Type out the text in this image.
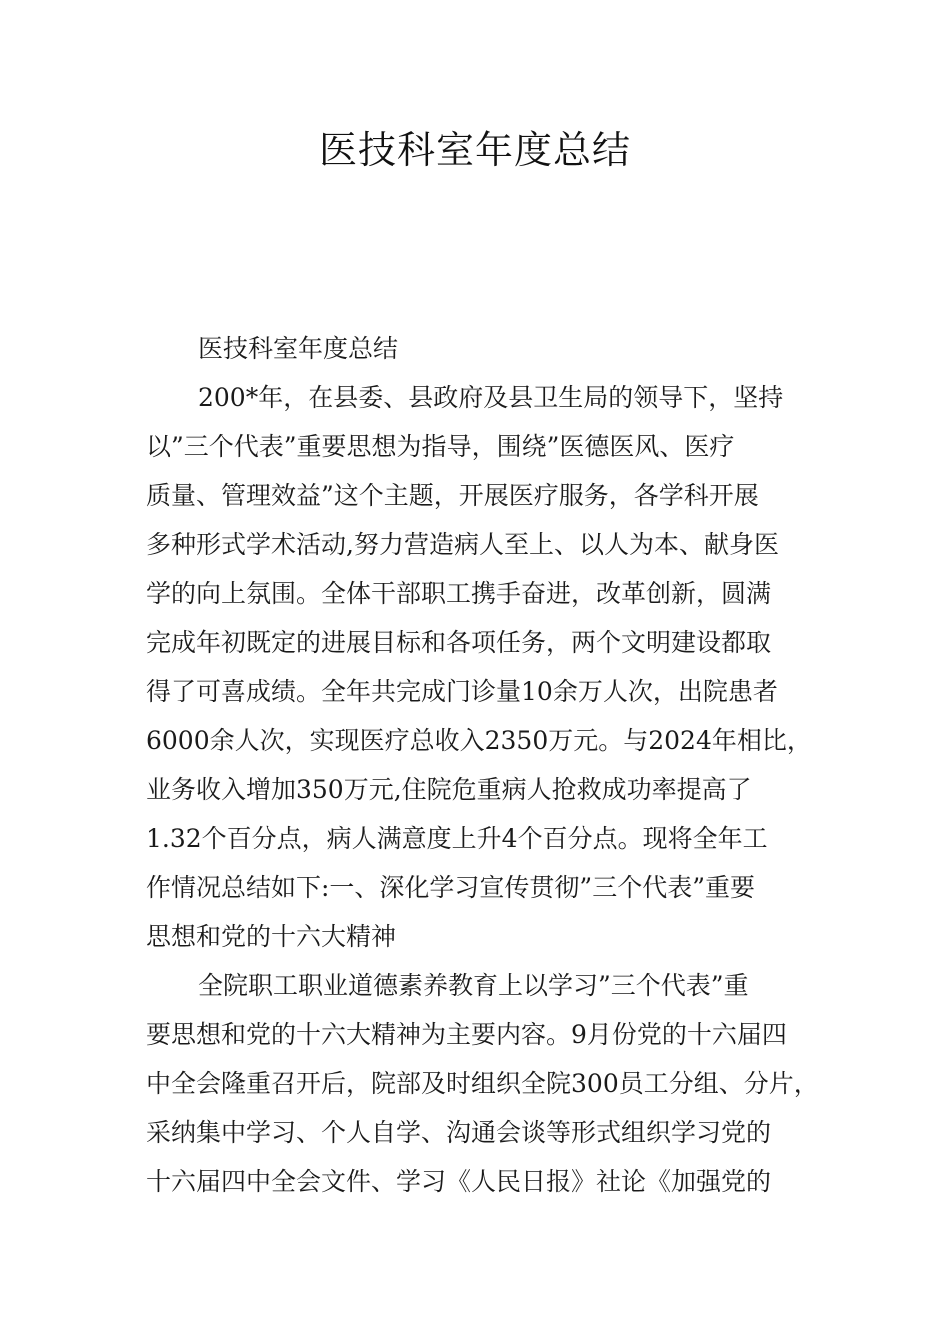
医技科室年度总结
医技科室年度总结
200*年，在县委、县政府及县卫生局的领导下，坚持
以”三个代表”重要思想为指导，围绕”医德医风、医疗
质量、管理效益”这个主题，开展医疗服务，各学科开展
多种形式学术活动,努力营造病人至上、以人为本、献身医
学的向上氛围。全体干部职工携手奋进，改革创新，圆满
完成年初既定的进展目标和各项任务，两个文明建设都取
得了可喜成绩。全年共完成门诊量10余万人次，出院患者
6000余人次，实现医疗总收入2350万元。与2024年相比，
业务收入增加350万元,住院危重病人抢救成功率提高了
1.32个百分点，病人满意度上升4个百分点。现将全年工
作情况总结如下:一、深化学习宣传贯彻”三个代表”重要
思想和党的十六大精神
全院职工职业道德素养教育上以学习”三个代表”重
要思想和党的十六大精神为主要内容。9月份党的十六届四
中全会隆重召开后，院部及时组织全院300员工分组、分片，
采纳集中学习、个人自学、沟通会谈等形式组织学习党的
十六届四中全会文件、学习《人民日报》社论《加强党的
